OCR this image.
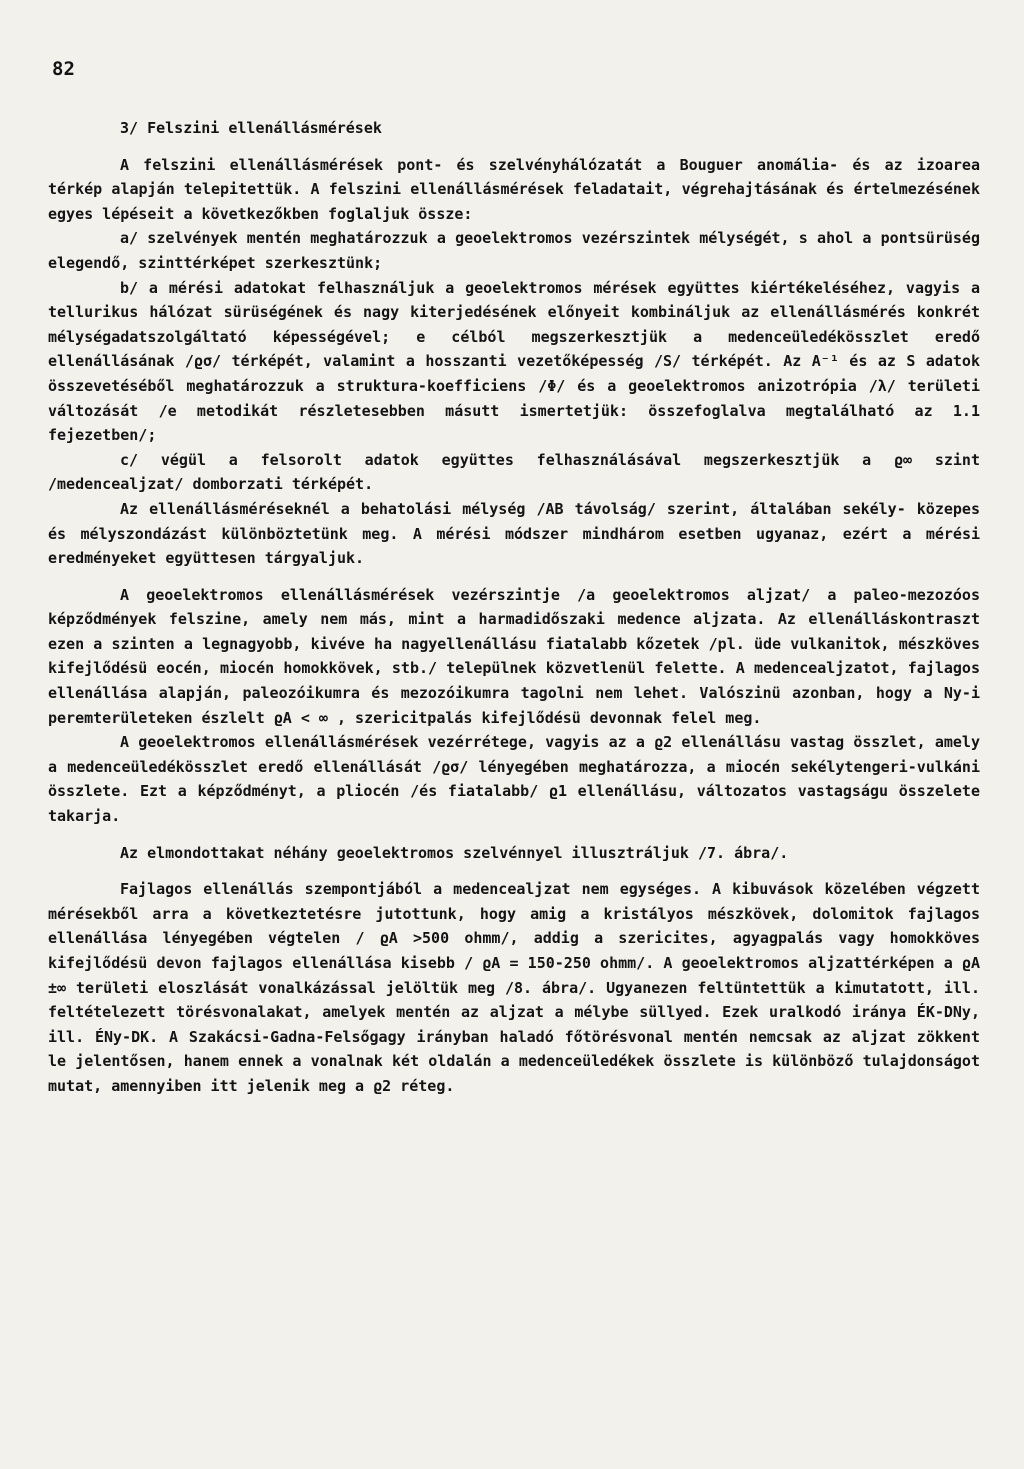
82

3/ Felszini ellenállásmérések

A felszini ellenállásmérések pont- és szelvényhálózatát a Bouguer anomália- és az izoarea térkép alapján telepitettük. A felszini ellenállásmérések feladatait, végrehajtásának és értelmezésének egyes lépéseit a következőkben foglaljuk össze:

a/ szelvények mentén meghatározzuk a geoelektromos vezérszintek mélységét, s ahol a pontsürüség elegendő, szinttérképet szerkesztünk;

b/ a mérési adatokat felhasználjuk a geoelektromos mérések együttes kiértékeléséhez, vagyis a tellurikus hálózat sürüségének és nagy kiterjedésének előnyeit kombináljuk az ellenállásmérés konkrét mélységadatszolgáltató képességével; e célból megszerkesztjük a medenceüledékösszlet eredő ellenállásának /ϱσ/ térképét, valamint a hosszanti vezetőképesség /S/ térképét. Az A⁻¹ és az S adatok összevetéséből meghatározzuk a struktura-koefficiens /Φ/ és a geoelektromos anizotrópia /λ/ területi változását /e metodikát részletesebben másutt ismertetjük: összefoglalva megtalálható az 1.1 fejezetben/;

c/ végül a felsorolt adatok együttes felhasználásával megszerkesztjük a ϱ∞ szint /medencealjzat/ domborzati térképét.

Az ellenállásméréseknél a behatolási mélység /AB távolság/ szerint, általában sekély- közepes és mélyszondázást különböztetünk meg. A mérési módszer mindhárom esetben ugyanaz, ezért a mérési eredményeket együttesen tárgyaljuk.

A geoelektromos ellenállásmérések vezérszintje /a geoelektromos aljzat/ a paleo-mezozóos képződmények felszine, amely nem más, mint a harmadidőszaki medence aljzata. Az ellenálláskontraszt ezen a szinten a legnagyobb, kivéve ha nagyellenállásu fiatalabb kőzetek /pl. üde vulkanitok, mészköves kifejlődésü eocén, miocén homokkövek, stb./ települnek közvetlenül felette. A medencealjzatot, fajlagos ellenállása alapján, paleozóikumra és mezozóikumra tagolni nem lehet. Valószinü azonban, hogy a Ny-i peremterületeken észlelt ϱA < ∞ , szericitpalás kifejlődésü devonnak felel meg.

A geoelektromos ellenállásmérések vezérrétege, vagyis az a ϱ2 ellenállásu vastag összlet, amely a medenceüledékösszlet eredő ellenállását /ϱσ/ lényegében meghatározza, a miocén sekélytengeri-vulkáni összlete. Ezt a képződményt, a pliocén /és fiatalabb/ ϱ1 ellenállásu, változatos vastagságu összelete takarja.

Az elmondottakat néhány geoelektromos szelvénnyel illusztráljuk /7. ábra/.

Fajlagos ellenállás szempontjából a medencealjzat nem egységes. A kibuvások közelében végzett mérésekből arra a következtetésre jutottunk, hogy amig a kristályos mészkövek, dolomitok fajlagos ellenállása lényegében végtelen / ϱA >500 ohmm/, addig a szericites, agyagpalás vagy homokköves kifejlődésü devon fajlagos ellenállása kisebb / ϱA = 150-250 ohmm/. A geoelektromos aljzattérképen a ϱA ±∞ területi eloszlását vonalkázással jelöltük meg /8. ábra/. Ugyanezen feltüntettük a kimutatott, ill. feltételezett törésvonalakat, amelyek mentén az aljzat a mélybe süllyed. Ezek uralkodó iránya ÉK-DNy, ill. ÉNy-DK. A Szakácsi-Gadna-Felsőgagy irányban haladó főtörésvonal mentén nemcsak az aljzat zökkent le jelentősen, hanem ennek a vonalnak két oldalán a medenceüledékek összlete is különböző tulajdonságot mutat, amennyiben itt jelenik meg a ϱ2 réteg.
